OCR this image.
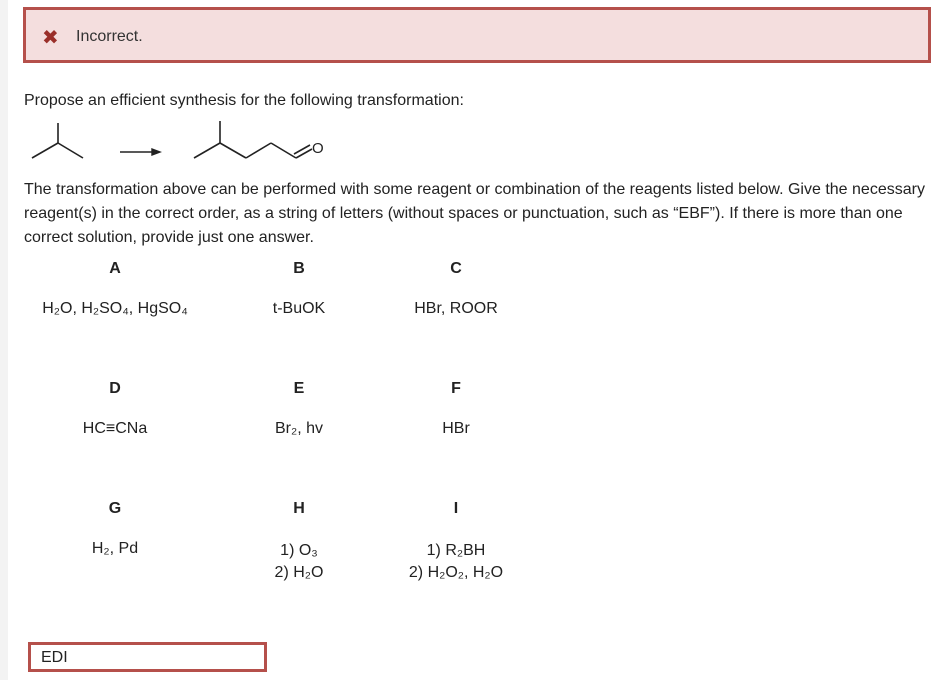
✖ Incorrect.
Propose an efficient synthesis for the following transformation:
O
The transformation above can be performed with some reagent or combination of the reagents listed below. Give the necessary reagent(s) in the correct order, as a string of letters (without spaces or punctuation, such as “EBF”). If there is more than one correct solution, provide just one answer.
A
H₂O, H₂SO₄, HgSO₄
B
t-BuOK
C
HBr, ROOR
D
HC≡CNa
E
Br₂, hv
F
HBr
G
H₂, Pd
H
1) O₃
2) H₂O
I
1) R₂BH
2) H₂O₂, H₂O
EDI
